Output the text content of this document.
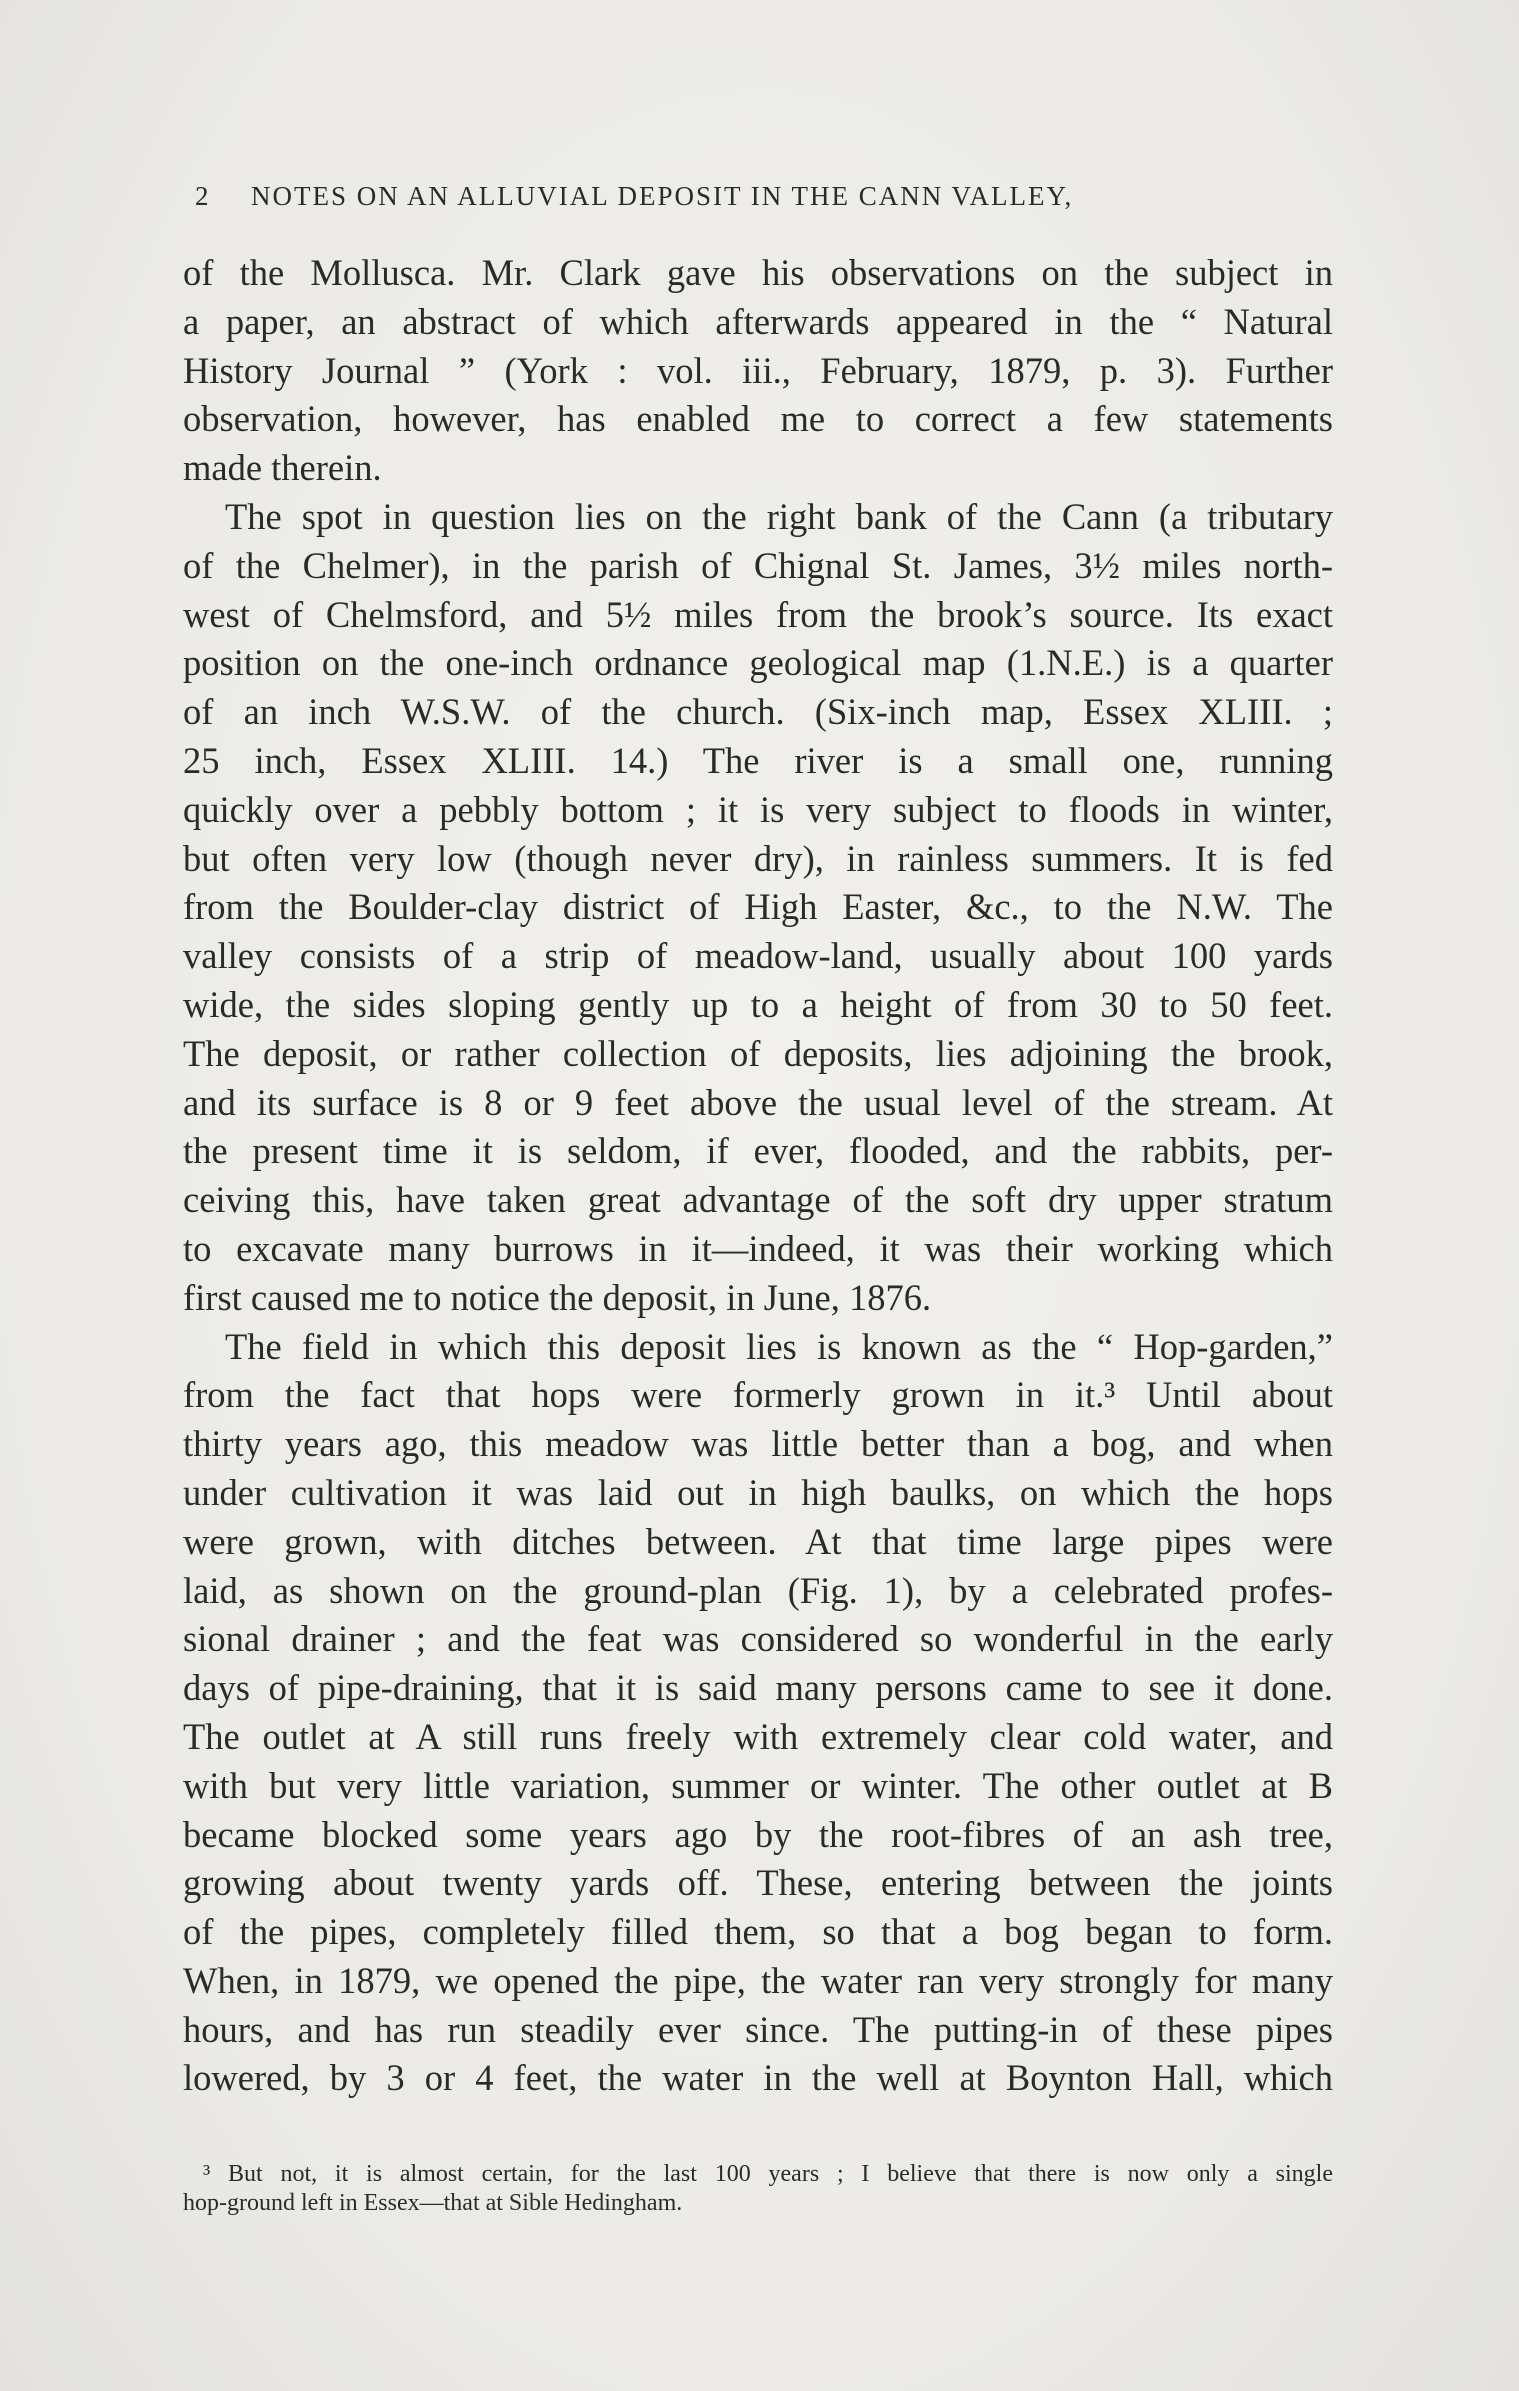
2 NOTES ON AN ALLUVIAL DEPOSIT IN THE CANN VALLEY,
of the Mollusca. Mr. Clark gave his observations on the subject in
a paper, an abstract of which afterwards appeared in the “ Natural
History Journal ” (York : vol. iii., February, 1879, p. 3). Further
observation, however, has enabled me to correct a few statements
made therein.
The spot in question lies on the right bank of the Cann (a tributary
of the Chelmer), in the parish of Chignal St. James, 3½ miles north-
west of Chelmsford, and 5½ miles from the brook’s source. Its exact
position on the one-inch ordnance geological map (1.N.E.) is a quarter
of an inch W.S.W. of the church. (Six-inch map, Essex XLIII. ;
25 inch, Essex XLIII. 14.) The river is a small one, running
quickly over a pebbly bottom ; it is very subject to floods in winter,
but often very low (though never dry), in rainless summers. It is fed
from the Boulder-clay district of High Easter, &c., to the N.W. The
valley consists of a strip of meadow-land, usually about 100 yards
wide, the sides sloping gently up to a height of from 30 to 50 feet.
The deposit, or rather collection of deposits, lies adjoining the brook,
and its surface is 8 or 9 feet above the usual level of the stream. At
the present time it is seldom, if ever, flooded, and the rabbits, per-
ceiving this, have taken great advantage of the soft dry upper stratum
to excavate many burrows in it—indeed, it was their working which
first caused me to notice the deposit, in June, 1876.
The field in which this deposit lies is known as the “ Hop-garden,”
from the fact that hops were formerly grown in it.³ Until about
thirty years ago, this meadow was little better than a bog, and when
under cultivation it was laid out in high baulks, on which the hops
were grown, with ditches between. At that time large pipes were
laid, as shown on the ground-plan (Fig. 1), by a celebrated profes-
sional drainer ; and the feat was considered so wonderful in the early
days of pipe-draining, that it is said many persons came to see it done.
The outlet at A still runs freely with extremely clear cold water, and
with but very little variation, summer or winter. The other outlet at B
became blocked some years ago by the root-fibres of an ash tree,
growing about twenty yards off. These, entering between the joints
of the pipes, completely filled them, so that a bog began to form.
When, in 1879, we opened the pipe, the water ran very strongly for many
hours, and has run steadily ever since. The putting-in of these pipes
lowered, by 3 or 4 feet, the water in the well at Boynton Hall, which
³ But not, it is almost certain, for the last 100 years ; I believe that there is now only a single
hop-ground left in Essex—that at Sible Hedingham.
